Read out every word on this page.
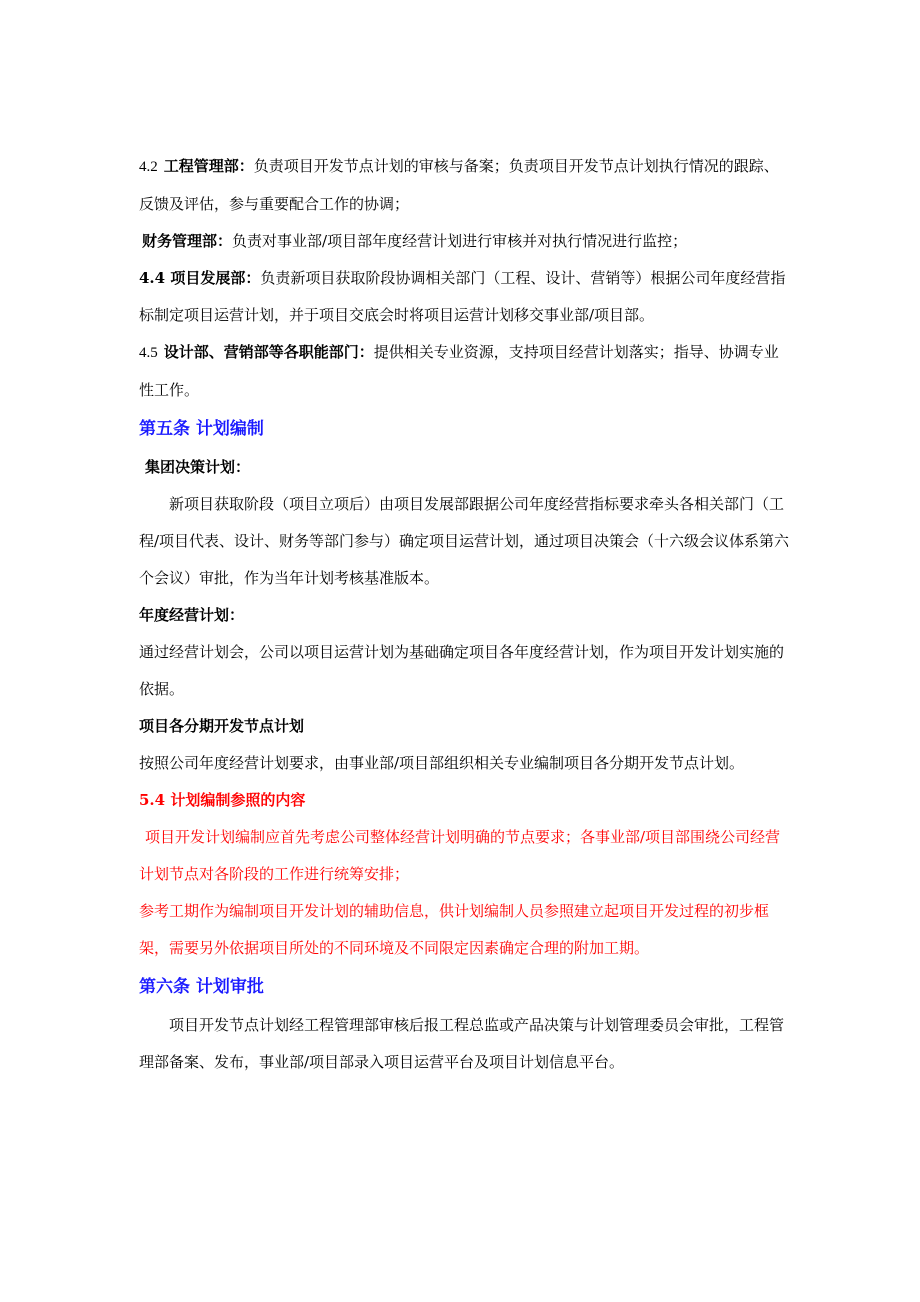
4.2 工程管理部：负责项目开发节点计划的审核与备案；负责项目开发节点计划执行情况的跟踪、反馈及评估，参与重要配合工作的协调；

财务管理部：负责对事业部/项目部年度经营计划进行审核并对执行情况进行监控；

4.4 项目发展部：负责新项目获取阶段协调相关部门（工程、设计、营销等）根据公司年度经营指标制定项目运营计划，并于项目交底会时将项目运营计划移交事业部/项目部。

4.5 设计部、营销部等各职能部门：提供相关专业资源，支持项目经营计划落实；指导、协调专业性工作。

第五条 计划编制

集团决策计划：

新项目获取阶段（项目立项后）由项目发展部跟据公司年度经营指标要求牵头各相关部门（工程/项目代表、设计、财务等部门参与）确定项目运营计划，通过项目决策会（十六级会议体系第六个会议）审批，作为当年计划考核基准版本。

年度经营计划：

通过经营计划会，公司以项目运营计划为基础确定项目各年度经营计划，作为项目开发计划实施的依据。

项目各分期开发节点计划

按照公司年度经营计划要求，由事业部/项目部组织相关专业编制项目各分期开发节点计划。

5.4 计划编制参照的内容

项目开发计划编制应首先考虑公司整体经营计划明确的节点要求；各事业部/项目部围绕公司经营计划节点对各阶段的工作进行统筹安排；

参考工期作为编制项目开发计划的辅助信息，供计划编制人员参照建立起项目开发过程的初步框架，需要另外依据项目所处的不同环境及不同限定因素确定合理的附加工期。

第六条 计划审批

项目开发节点计划经工程管理部审核后报工程总监或产品决策与计划管理委员会审批，工程管理部备案、发布，事业部/项目部录入项目运营平台及项目计划信息平台。
